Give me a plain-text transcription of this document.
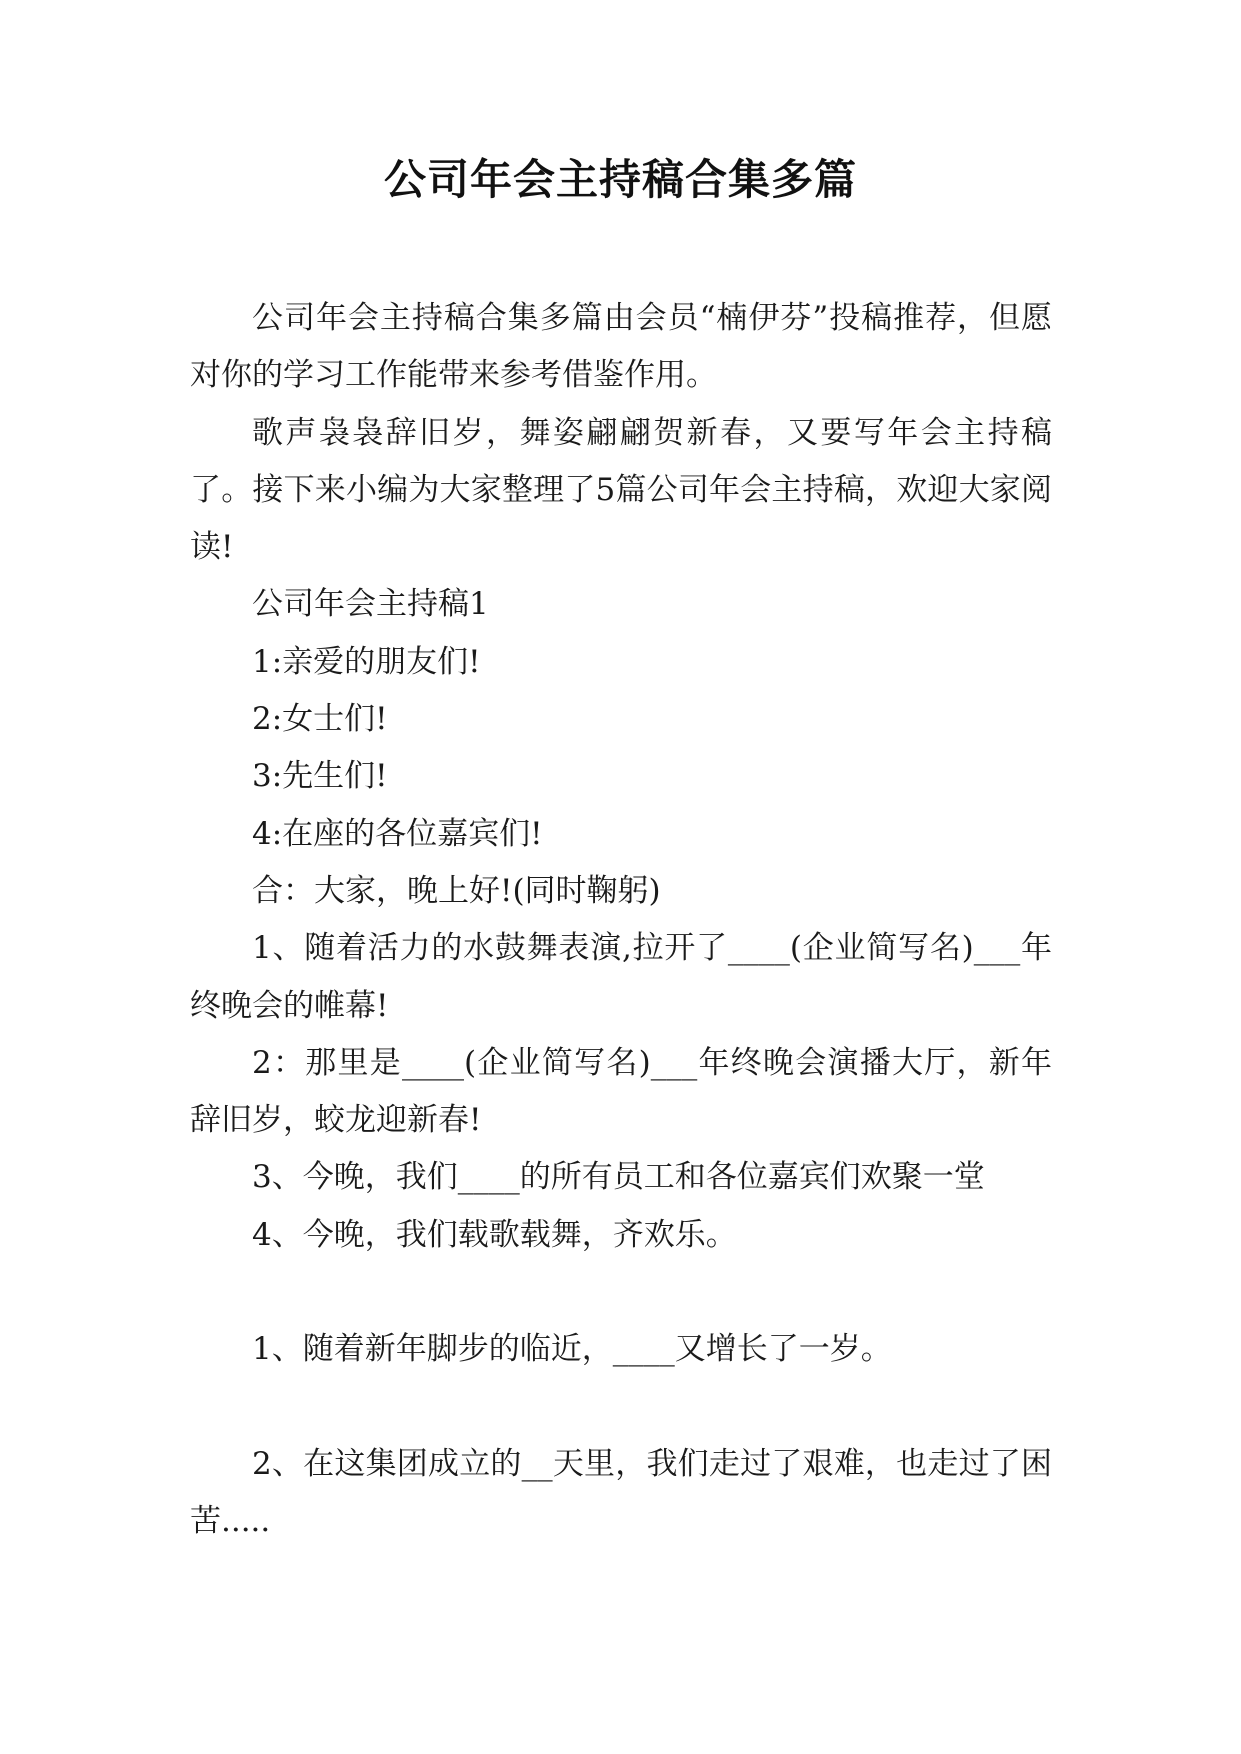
公司年会主持稿合集多篇

公司年会主持稿合集多篇由会员“楠伊芬”投稿推荐，但愿对你的学习工作能带来参考借鉴作用。

歌声袅袅辞旧岁，舞姿翩翩贺新春，又要写年会主持稿了。接下来小编为大家整理了5篇公司年会主持稿，欢迎大家阅读!

公司年会主持稿1

1:亲爱的朋友们!

2:女士们!

3:先生们!

4:在座的各位嘉宾们!

合：大家，晚上好!(同时鞠躬)

1、随着活力的水鼓舞表演,拉开了____(企业简写名)___年终晚会的帷幕!

2：那里是____(企业简写名)___年终晚会演播大厅，新年辞旧岁，蛟龙迎新春!

3、今晚，我们____的所有员工和各位嘉宾们欢聚一堂

4、今晚，我们载歌载舞，齐欢乐。

1、随着新年脚步的临近，____又增长了一岁。

2、在这集团成立的__天里，我们走过了艰难，也走过了困苦.....
